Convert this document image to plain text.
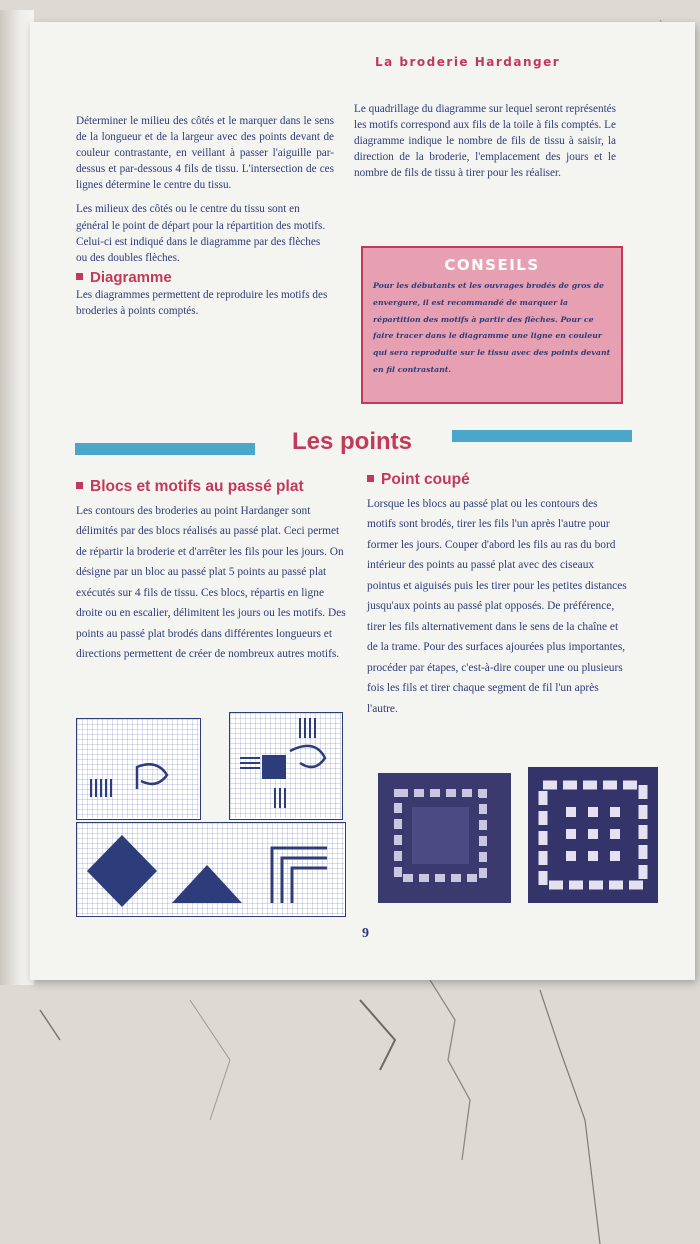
La broderie Hardanger

Déterminer le milieu des côtés et le marquer dans le sens de la longueur et de la largeur avec des points devant de couleur contrastante, en veillant à passer l'aiguille par-dessus et par-dessous 4 fils de tissu. L'intersection de ces lignes détermine le centre du tissu.

Les milieux des côtés ou le centre du tissu sont en général le point de départ pour la répartition des motifs. Celui-ci est indiqué dans le diagramme par des flèches ou des doubles flèches.

Diagramme

Les diagrammes permettent de reproduire les motifs des broderies à points comptés.

Le quadrillage du diagramme sur lequel seront représentés les motifs correspond aux fils de la toile à fils comptés. Le diagramme indique le nombre de fils de tissu à saisir, la direction de la broderie, l'emplacement des jours et le nombre de fils de tissu à tirer pour les réaliser.

CONSEILS
Pour les débutants et les ouvrages brodés de gros de envergure, il est recommandé de marquer la répartition des motifs à partir des flèches. Pour ce faire tracer dans le diagramme une ligne en couleur qui sera reproduite sur le tissu avec des points devant en fil contrastant.
Les points
Blocs et motifs au passé plat

Les contours des broderies au point Hardanger sont délimités par des blocs réalisés au passé plat. Ceci permet de répartir la broderie et d'arrêter les fils pour les jours. On désigne par un bloc au passé plat 5 points au passé plat exécutés sur 4 fils de tissu. Ces blocs, répartis en ligne droite ou en escalier, délimitent les jours ou les motifs. Des points au passé plat brodés dans différentes longueurs et directions permettent de créer de nombreux autres motifs.

Point coupé

Lorsque les blocs au passé plat ou les contours des motifs sont brodés, tirer les fils l'un après l'autre pour former les jours. Couper d'abord les fils au ras du bord intérieur des points au passé plat avec des ciseaux pointus et aiguisés puis les tirer pour les petites distances jusqu'aux points au passé plat opposés. De préférence, tirer les fils alternativement dans le sens de la chaîne et de la trame. Pour des surfaces ajourées plus importantes, procéder par étapes, c'est-à-dire couper une ou plusieurs fois les fils et tirer chaque segment de fil l'un après l'autre.

9
